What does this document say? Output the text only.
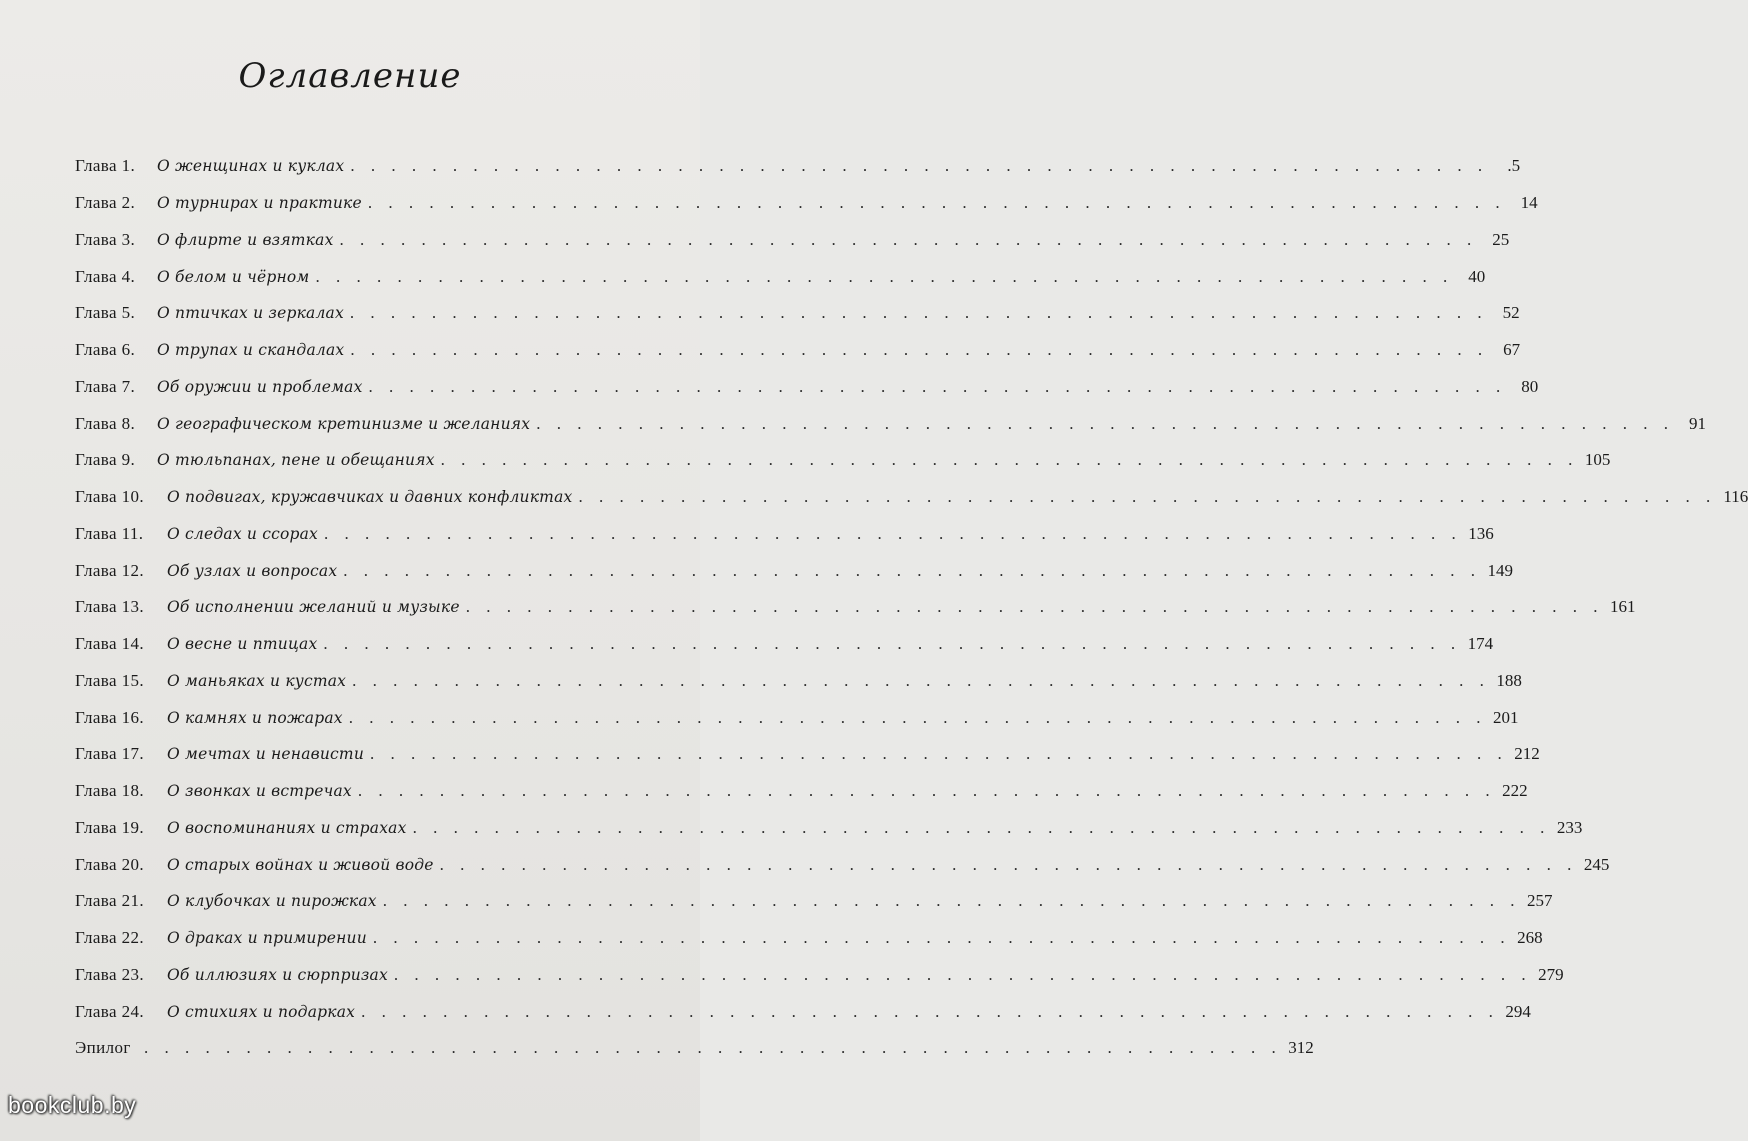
Оглавление
Глава 1.	О женщинах и куклах . . . . . . . . . . . . . . . . . . . . . . . . . . . . . . . . . . . . . . . . . . . . . . . . . . . . . . . .	.5
Глава 2.	О турнирах и практике . . . . . . . . . . . . . . . . . . . . . . . . . . . . . . . . . . . . . . . . . . . . . . . . . . . . . . . . 14
Глава 3.	О флирте и взятках . . . . . . . . . . . . . . . . . . . . . . . . . . . . . . . . . . . . . . . . . . . . . . . . . . . . . . . . 25
Глава 4.	О белом и чёрном . . . . . . . . . . . . . . . . . . . . . . . . . . . . . . . . . . . . . . . . . . . . . . . . . . . . . . . . 40
Глава 5.	О птичках и зеркалах . . . . . . . . . . . . . . . . . . . . . . . . . . . . . . . . . . . . . . . . . . . . . . . . . . . . . . . . 52
Глава 6.	О трупах и скандалах . . . . . . . . . . . . . . . . . . . . . . . . . . . . . . . . . . . . . . . . . . . . . . . . . . . . . . . . 67
Глава 7.	Об оружии и проблемах . . . . . . . . . . . . . . . . . . . . . . . . . . . . . . . . . . . . . . . . . . . . . . . . . . . . . . . . 80
Глава 8.	О географическом кретинизме и желаниях . . . . . . . . . . . . . . . . . . . . . . . . . . . . . . . . . . . . . . . . . . . . . . . . . . . . . . . . 91
Глава 9.	О тюльпанах, пене и обещаниях . . . . . . . . . . . . . . . . . . . . . . . . . . . . . . . . . . . . . . . . . . . . . . . . . . . . . . . . 105
Глава 10.	О подвигах, кружавчиках и давних конфликтах . . . . . . . . . . . . . . . . . . . . . . . . . . . . . . . . . . . . . . . . . . . . . . . . . . . . . . . . 116
Глава 11.	О следах и ссорах . . . . . . . . . . . . . . . . . . . . . . . . . . . . . . . . . . . . . . . . . . . . . . . . . . . . . . . . 136
Глава 12.	Об узлах и вопросах . . . . . . . . . . . . . . . . . . . . . . . . . . . . . . . . . . . . . . . . . . . . . . . . . . . . . . . . 149
Глава 13.	Об исполнении желаний и музыке . . . . . . . . . . . . . . . . . . . . . . . . . . . . . . . . . . . . . . . . . . . . . . . . . . . . . . . . 161
Глава 14.	О весне и птицах . . . . . . . . . . . . . . . . . . . . . . . . . . . . . . . . . . . . . . . . . . . . . . . . . . . . . . . . 174
Глава 15.	О маньяках и кустах . . . . . . . . . . . . . . . . . . . . . . . . . . . . . . . . . . . . . . . . . . . . . . . . . . . . . . . . 188
Глава 16.	О камнях и пожарах . . . . . . . . . . . . . . . . . . . . . . . . . . . . . . . . . . . . . . . . . . . . . . . . . . . . . . . . 201
Глава 17.	О мечтах и ненависти . . . . . . . . . . . . . . . . . . . . . . . . . . . . . . . . . . . . . . . . . . . . . . . . . . . . . . . . 212
Глава 18.	О звонках и встречах . . . . . . . . . . . . . . . . . . . . . . . . . . . . . . . . . . . . . . . . . . . . . . . . . . . . . . . . 222
Глава 19.	О воспоминаниях и страхах . . . . . . . . . . . . . . . . . . . . . . . . . . . . . . . . . . . . . . . . . . . . . . . . . . . . . . . . 233
Глава 20.	О старых войнах и живой воде . . . . . . . . . . . . . . . . . . . . . . . . . . . . . . . . . . . . . . . . . . . . . . . . . . . . . . . . 245
Глава 21.	О клубочках и пирожках . . . . . . . . . . . . . . . . . . . . . . . . . . . . . . . . . . . . . . . . . . . . . . . . . . . . . . . . 257
Глава 22.	О драках и примирении . . . . . . . . . . . . . . . . . . . . . . . . . . . . . . . . . . . . . . . . . . . . . . . . . . . . . . . . 268
Глава 23.	Об иллюзиях и сюрпризах . . . . . . . . . . . . . . . . . . . . . . . . . . . . . . . . . . . . . . . . . . . . . . . . . . . . . . . . 279
Глава 24.	О стихиях и подарках . . . . . . . . . . . . . . . . . . . . . . . . . . . . . . . . . . . . . . . . . . . . . . . . . . . . . . . . 294
Эпилог . . . . . . . . . . . . . . . . . . . . . . . . . . . . . . . . . . . . . . . . . . . . . . . . . . . . . . . . 312
bookclub.by
